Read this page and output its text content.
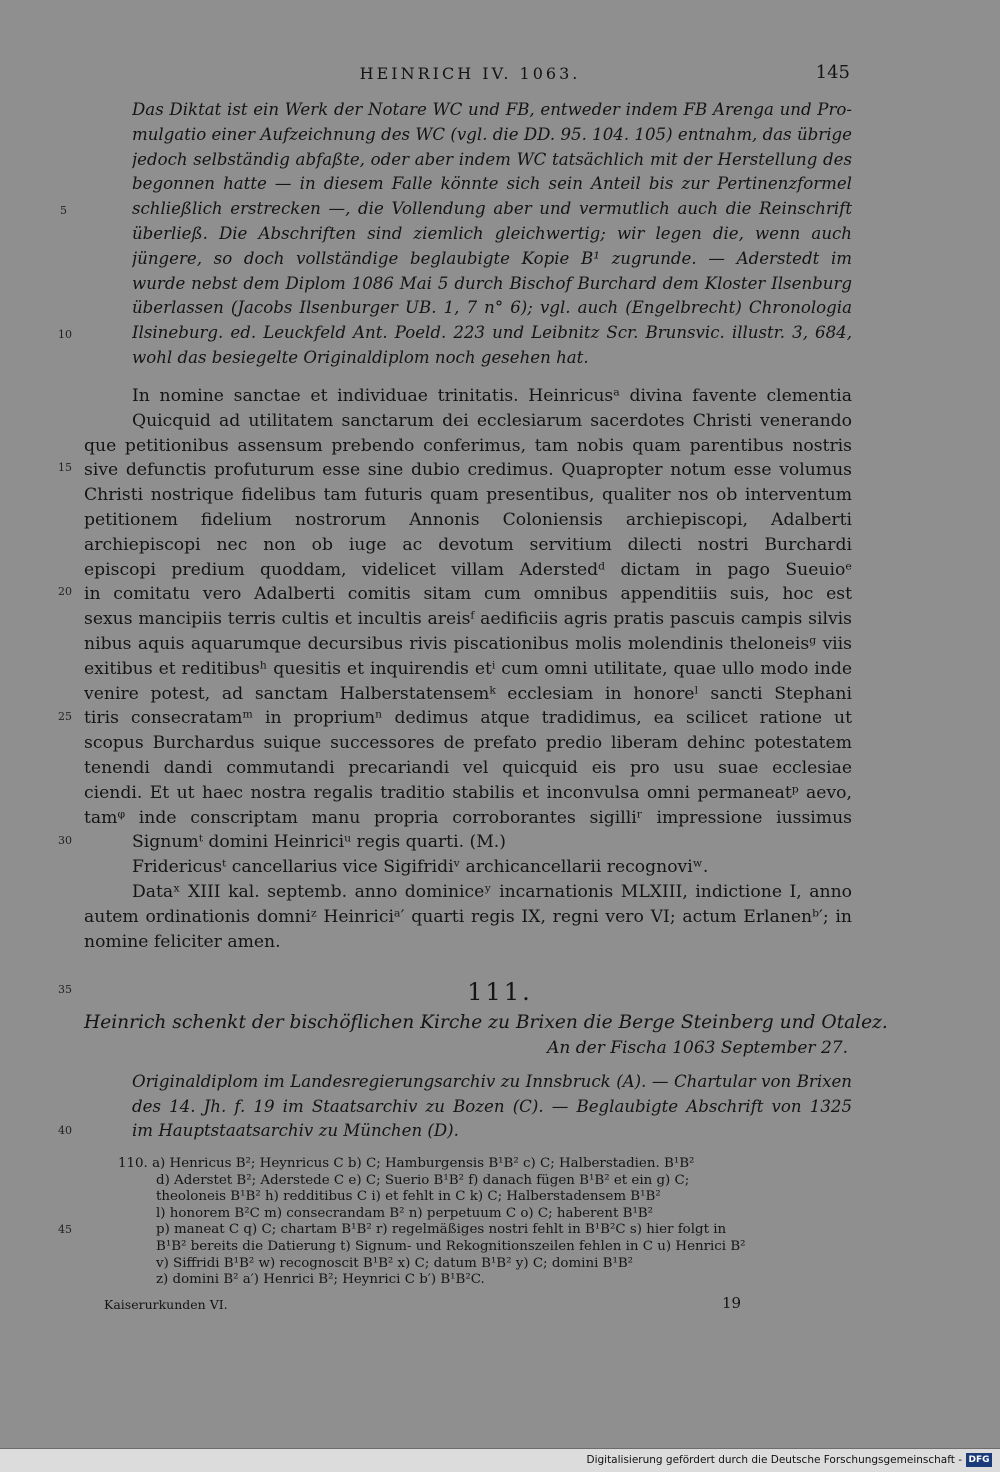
HEINRICH IV. 1063.	145
5
10
15
20
25
30
35
40
45
Das Diktat ist ein Werk der Notare WC und FB, entweder indem FB Arenga und Pro-
mulgatio einer Aufzeichnung des WC (vgl. die DD. 95. 104. 105) entnahm, das übrige
jedoch selbständig abfaßte, oder aber indem WC tatsächlich mit der Herstellung des
begonnen hatte — in diesem Falle könnte sich sein Anteil bis zur Pertinenzformel
schließlich erstrecken —, die Vollendung aber und vermutlich auch die Reinschrift
überließ. Die Abschriften sind ziemlich gleichwertig; wir legen die, wenn auch
jüngere, so doch vollständige beglaubigte Kopie B¹ zugrunde. — Aderstedt im
wurde nebst dem Diplom 1086 Mai 5 durch Bischof Burchard dem Kloster Ilsenburg
überlassen (Jacobs Ilsenburger UB. 1, 7 n° 6); vgl. auch (Engelbrecht) Chronologia
Ilsineburg. ed. Leuckfeld Ant. Poeld. 223 und Leibnitz Scr. Brunsvic. illustr. 3, 684,
wohl das besiegelte Originaldiplom noch gesehen hat.
In nomine sanctae et individuae trinitatis. Heinricusᵃ divina favente clementia
Quicquid ad utilitatem sanctarum dei ecclesiarum sacerdotes Christi venerando
que petitionibus assensum prebendo conferimus, tam nobis quam parentibus nostris
sive defunctis profuturum esse sine dubio credimus. Quapropter notum esse volumus
Christi nostrique fidelibus tam futuris quam presentibus, qualiter nos ob interventum
petitionem fidelium nostrorum Annonis Coloniensis archiepiscopi, Adalberti
archiepiscopi nec non ob iuge ac devotum servitium dilecti nostri Burchardi
episcopi predium quoddam, videlicet villam Aderstedᵈ dictam in pago Sueuioᵉ
in comitatu vero Adalberti comitis sitam cum omnibus appenditiis suis, hoc est
sexus mancipiis terris cultis et incultis areisᶠ aedificiis agris pratis pascuis campis silvis
nibus aquis aquarumque decursibus rivis piscationibus molis molendinis theloneisᵍ viis
exitibus et reditibusʰ quesitis et inquirendis etⁱ cum omni utilitate, quae ullo modo inde
venire potest, ad sanctam Halberstatensemᵏ ecclesiam in honoreˡ sancti Stephani
tiris consecratamᵐ in propriumⁿ dedimus atque tradidimus, ea scilicet ratione ut
scopus Burchardus suique successores de prefato predio liberam dehinc potestatem
tenendi dandi commutandi precariandi vel quicquid eis pro usu suae ecclesiae
ciendi. Et ut haec nostra regalis traditio stabilis et inconvulsa omni permaneatᵖ aevo,
tamᵠ inde conscriptam manu propria corroborantes sigilliʳ impressione iussimus
Signumᵗ domini Heinriciᵘ regis quarti. (M.)
Fridericusᵗ cancellarius vice Sigifridiᵛ archicancellarii recognoviʷ.
Dataˣ XIII kal. septemb. anno dominiceʸ incarnationis MLXIII, indictione I, anno
autem ordinationis domniᶻ Heinriciᵃ′ quarti regis IX, regni vero VI; actum Erlanenᵇ′; in
nomine feliciter amen.
111.
Heinrich schenkt der bischöflichen Kirche zu Brixen die Berge Steinberg und Otalez.
An der Fischa 1063 September 27.
Originaldiplom im Landesregierungsarchiv zu Innsbruck (A). — Chartular von Brixen
des 14. Jh. f. 19 im Staatsarchiv zu Bozen (C). — Beglaubigte Abschrift von 1325
im Hauptstaatsarchiv zu München (D).
110. a) Henricus B²; Heynricus C b) C; Hamburgensis B¹B² c) C; Halberstadien. B¹B²
d) Aderstet B²; Aderstede C e) C; Suerio B¹B² f) danach fügen B¹B² et ein g) C;
theoloneis B¹B² h) redditibus C i) et fehlt in C k) C; Halberstadensem B¹B²
l) honorem B²C m) consecrandam B² n) perpetuum C o) C; haberent B¹B²
p) maneat C q) C; chartam B¹B² r) regelmäßiges nostri fehlt in B¹B²C s) hier folgt in
B¹B² bereits die Datierung t) Signum- und Rekognitionszeilen fehlen in C u) Henrici B²
v) Siffridi B¹B² w) recognoscit B¹B² x) C; datum B¹B² y) C; domini B¹B²
z) domini B² a′) Henrici B²; Heynrici C b′) B¹B²C.
Kaiserurkunden VI.	19
Digitalisierung gefördert durch die Deutsche Forschungsgemeinschaft - DFG
